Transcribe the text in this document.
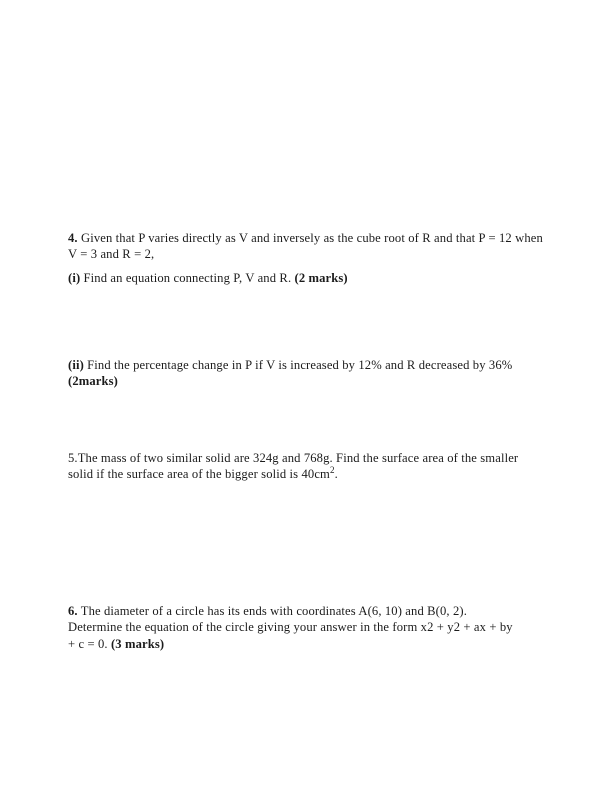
4. Given that P varies directly as V and inversely as the cube root of R and that P = 12 when V = 3 and R = 2,
(i) Find an equation connecting P, V and R. (2 marks)
(ii) Find the percentage change in P if V is increased by 12% and R decreased by 36% (2marks)
5.The mass of two similar solid are 324g and 768g. Find the surface area of the smaller solid if the surface area of the bigger solid is $40cm^2$.
6. The diameter of a circle has its ends with coordinates A(6, 10) and B(0, 2). Determine the equation of the circle giving your answer in the form x2 + y2 + ax + by + c = 0. (3 marks)
